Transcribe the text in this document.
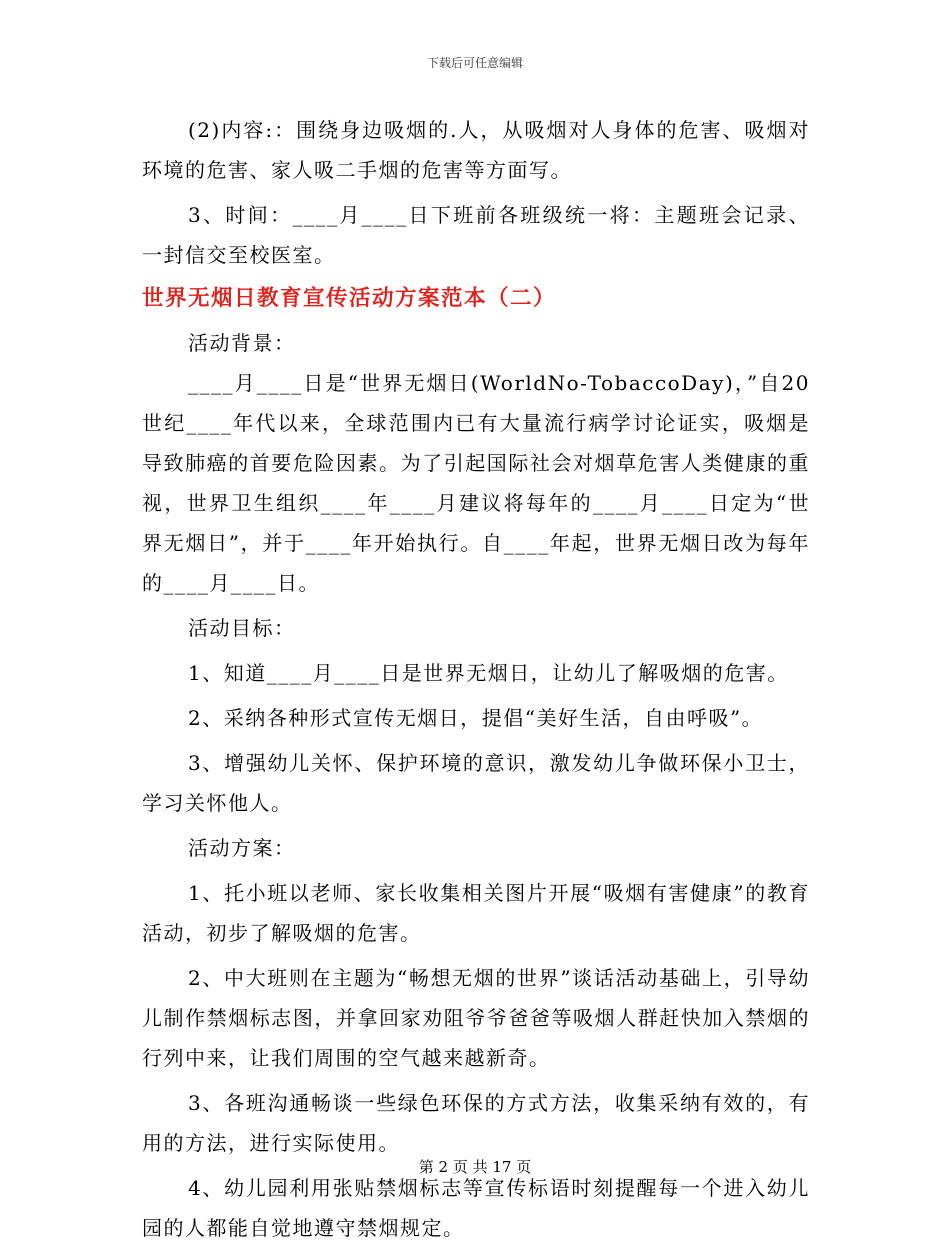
下载后可任意编辑

(2)内容:：围绕身边吸烟的.人，从吸烟对人身体的危害、吸烟对环境的危害、家人吸二手烟的危害等方面写。

3、时间：____月____日下班前各班级统一将：主题班会记录、一封信交至校医室。

世界无烟日教育宣传活动方案范本（二）

活动背景：

____月____日是“世界无烟日(WorldNo-TobaccoDay)，”自20世纪____年代以来，全球范围内已有大量流行病学讨论证实，吸烟是导致肺癌的首要危险因素。为了引起国际社会对烟草危害人类健康的重视，世界卫生组织____年____月建议将每年的____月____日定为“世界无烟日”，并于____年开始执行。自____年起，世界无烟日改为每年的____月____日。

活动目标：

1、知道____月____日是世界无烟日，让幼儿了解吸烟的危害。

2、采纳各种形式宣传无烟日，提倡“美好生活，自由呼吸”。

3、增强幼儿关怀、保护环境的意识，激发幼儿争做环保小卫士，学习关怀他人。

活动方案：

1、托小班以老师、家长收集相关图片开展“吸烟有害健康”的教育活动，初步了解吸烟的危害。

2、中大班则在主题为“畅想无烟的世界”谈话活动基础上，引导幼儿制作禁烟标志图，并拿回家劝阻爷爷爸爸等吸烟人群赶快加入禁烟的行列中来，让我们周围的空气越来越新奇。

3、各班沟通畅谈一些绿色环保的方式方法，收集采纳有效的，有用的方法，进行实际使用。

4、幼儿园利用张贴禁烟标志等宣传标语时刻提醒每一个进入幼儿园的人都能自觉地遵守禁烟规定。

第 2 页 共 17 页
